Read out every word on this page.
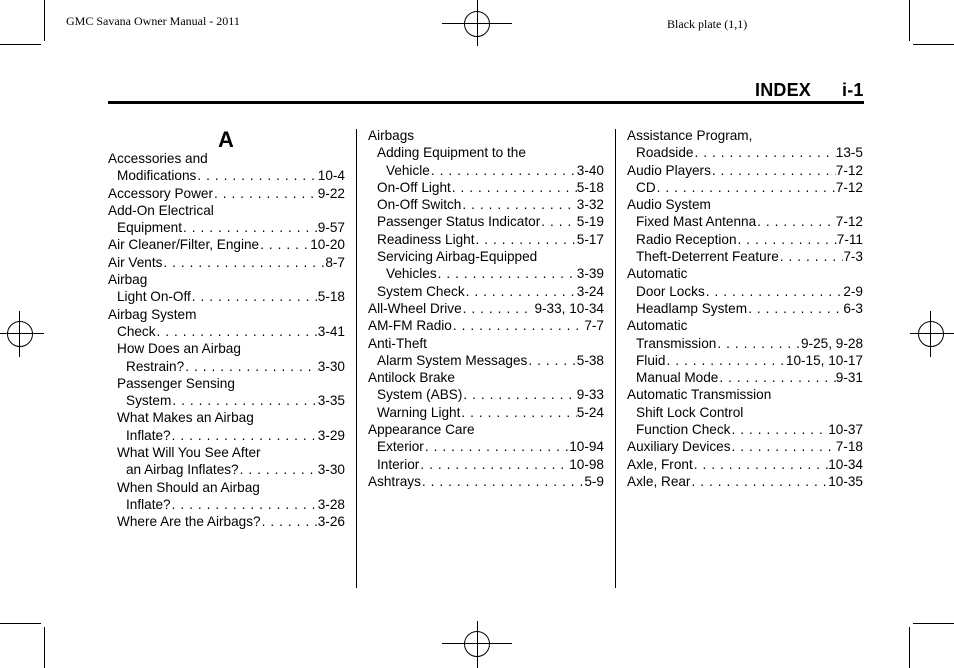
GMC Savana Owner Manual - 2011	Black plate (1,1)
INDEX i-1
A
Accessories and
Modifications . . .	10-4
Accessory Power . . .	9-22
Add-On Electrical
Equipment . . .	9-57
Air Cleaner/Filter, Engine . . .	10-20
Air Vents . . .	8-7
Airbag
Light On-Off . . .	5-18
Airbag System
Check . . .	3-41
How Does an Airbag
Restrain? . . .	3-30
Passenger Sensing
System . . .	3-35
What Makes an Airbag
Inflate? . . .	3-29
What Will You See After
an Airbag Inflates? . . .	3-30
When Should an Airbag
Inflate? . . .	3-28
Where Are the Airbags? . . .	3-26
Airbags
Adding Equipment to the
Vehicle . . .	3-40
On-Off Light . . .	5-18
On-Off Switch . . .	3-32
Passenger Status Indicator . . .	5-19
Readiness Light . . .	5-17
Servicing Airbag-Equipped
Vehicles . . .	3-39
System Check . . .	3-24
All-Wheel Drive . . .	9-33, 10-34
AM-FM Radio . . .	7-7
Anti-Theft
Alarm System Messages . . .	5-38
Antilock Brake
System (ABS) . . .	9-33
Warning Light . . .	5-24
Appearance Care
Exterior . . .	10-94
Interior . . .	10-98
Ashtrays . . .	5-9
Assistance Program,
Roadside . . .	13-5
Audio Players . . .	7-12
CD . . .	7-12
Audio System
Fixed Mast Antenna . . .	7-12
Radio Reception . . .	7-11
Theft-Deterrent Feature . . .	7-3
Automatic
Door Locks . . .	2-9
Headlamp System . . .	6-3
Automatic
Transmission . . .	9-25, 9-28
Fluid . . .	10-15, 10-17
Manual Mode . . .	9-31
Automatic Transmission
Shift Lock Control
Function Check . . .	10-37
Auxiliary Devices . . .	7-18
Axle, Front . . .	10-34
Axle, Rear . . .	10-35
